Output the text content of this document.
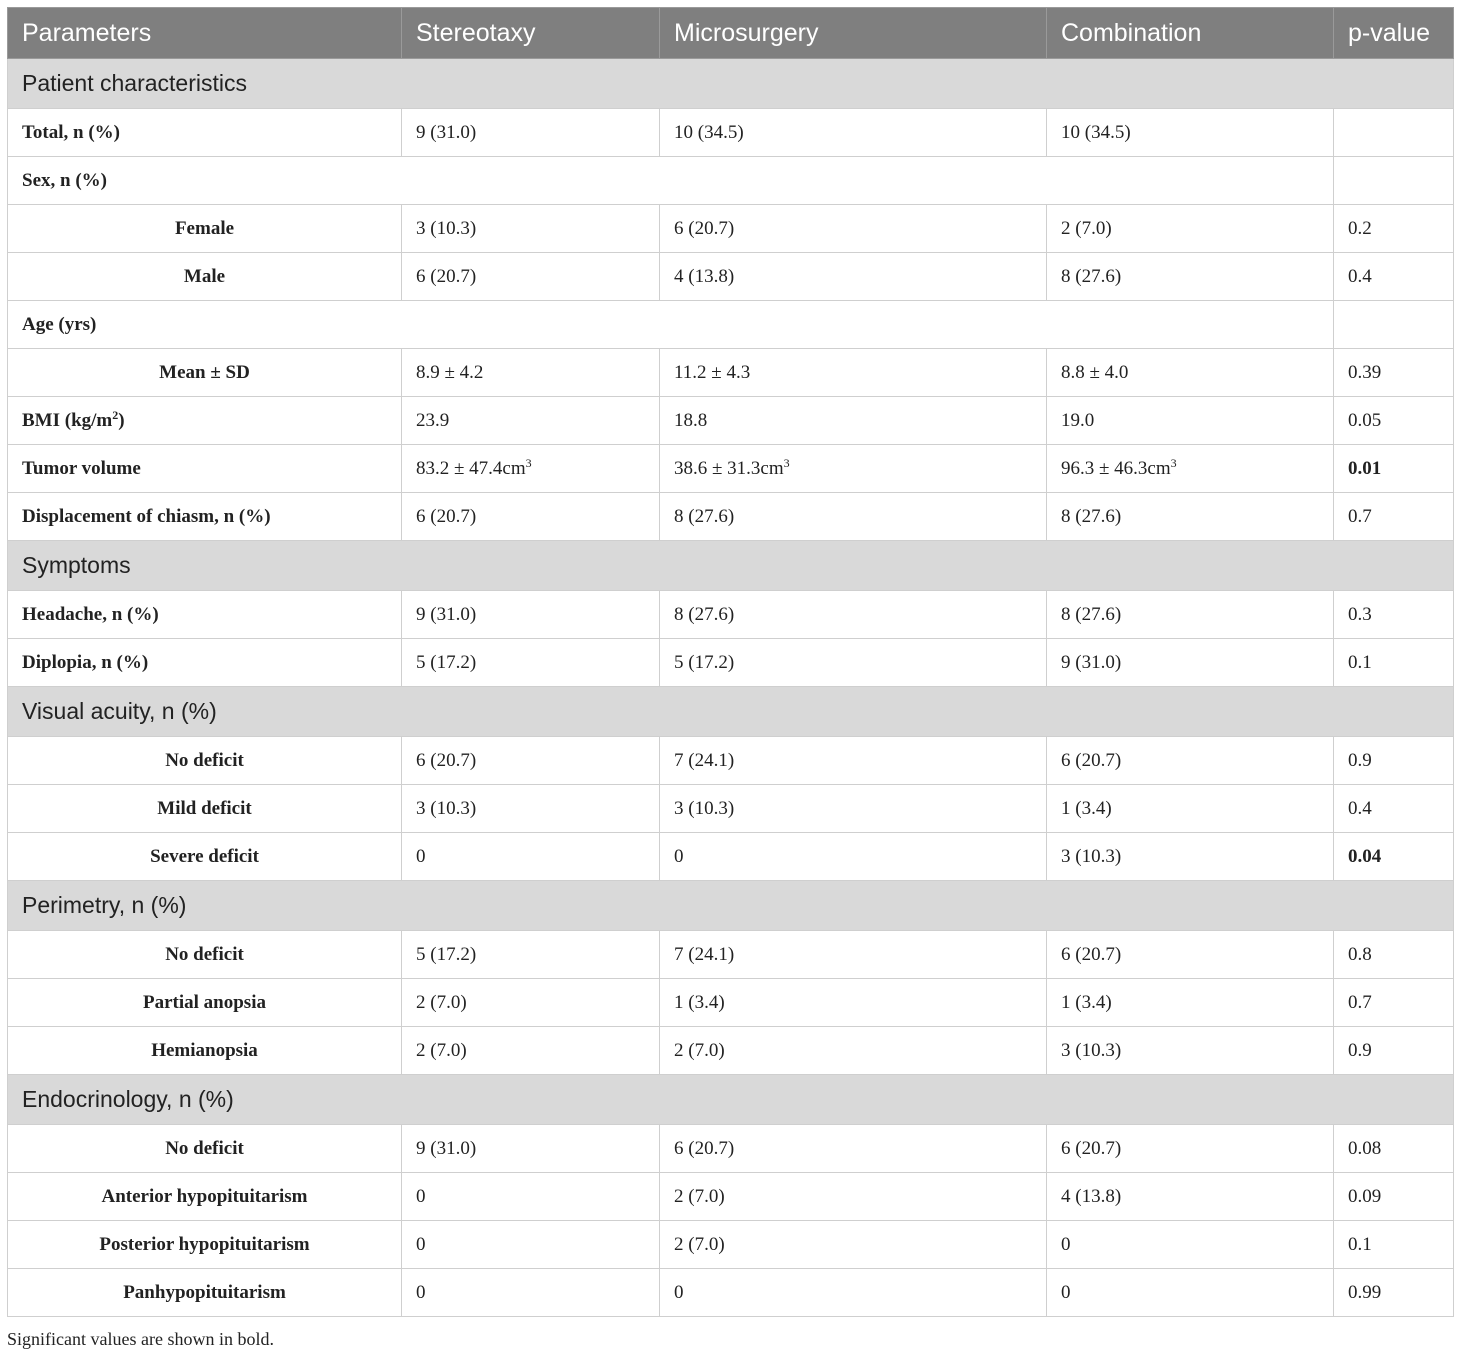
Parameters	Stereotaxy	Microsurgery	Combination	p-value
Patient characteristics				
Total, n (%)	9 (31.0)	10 (34.5)	10 (34.5)	
Sex, n (%)				
Female	3 (10.3)	6 (20.7)	2 (7.0)	0.2
Male	6 (20.7)	4 (13.8)	8 (27.6)	0.4
Age (yrs)				
Mean ± SD	8.9 ± 4.2	11.2 ± 4.3	8.8 ± 4.0	0.39
BMI $(kg/m^2)$	23.9	18.8	19.0	0.05
Tumor volume	$83.2 \pm 47.4cm^3$	$38.6 \pm 31.3cm^3$	$96.3 \pm 46.3cm^3$	0.01
Displacement of chiasm, n (%)	6 (20.7)	8 (27.6)	8 (27.6)	0.7
Symptoms				
Headache, n (%)	9 (31.0)	8 (27.6)	8 (27.6)	0.3
Diplopia, n (%)	5 (17.2)	5 (17.2)	9 (31.0)	0.1
Visual acuity, n (%)				
No deficit	6 (20.7)	7 (24.1)	6 (20.7)	0.9
Mild deficit	3 (10.3)	3 (10.3)	1 (3.4)	0.4
Severe deficit	0	0	3 (10.3)	0.04
Perimetry, n (%)				
No deficit	5 (17.2)	7 (24.1)	6 (20.7)	0.8
Partial anopsia	2 (7.0)	1 (3.4)	1 (3.4)	0.7
Hemianopsia	2 (7.0)	2 (7.0)	3 (10.3)	0.9
Endocrinology, n (%)				
No deficit	9 (31.0)	6 (20.7)	6 (20.7)	0.08
Anterior hypopituitarism	0	2 (7.0)	4 (13.8)	0.09
Posterior hypopituitarism	0	2 (7.0)	0	0.1
Panhypopituitarism	0	0	0	0.99

Significant values are shown in bold.
